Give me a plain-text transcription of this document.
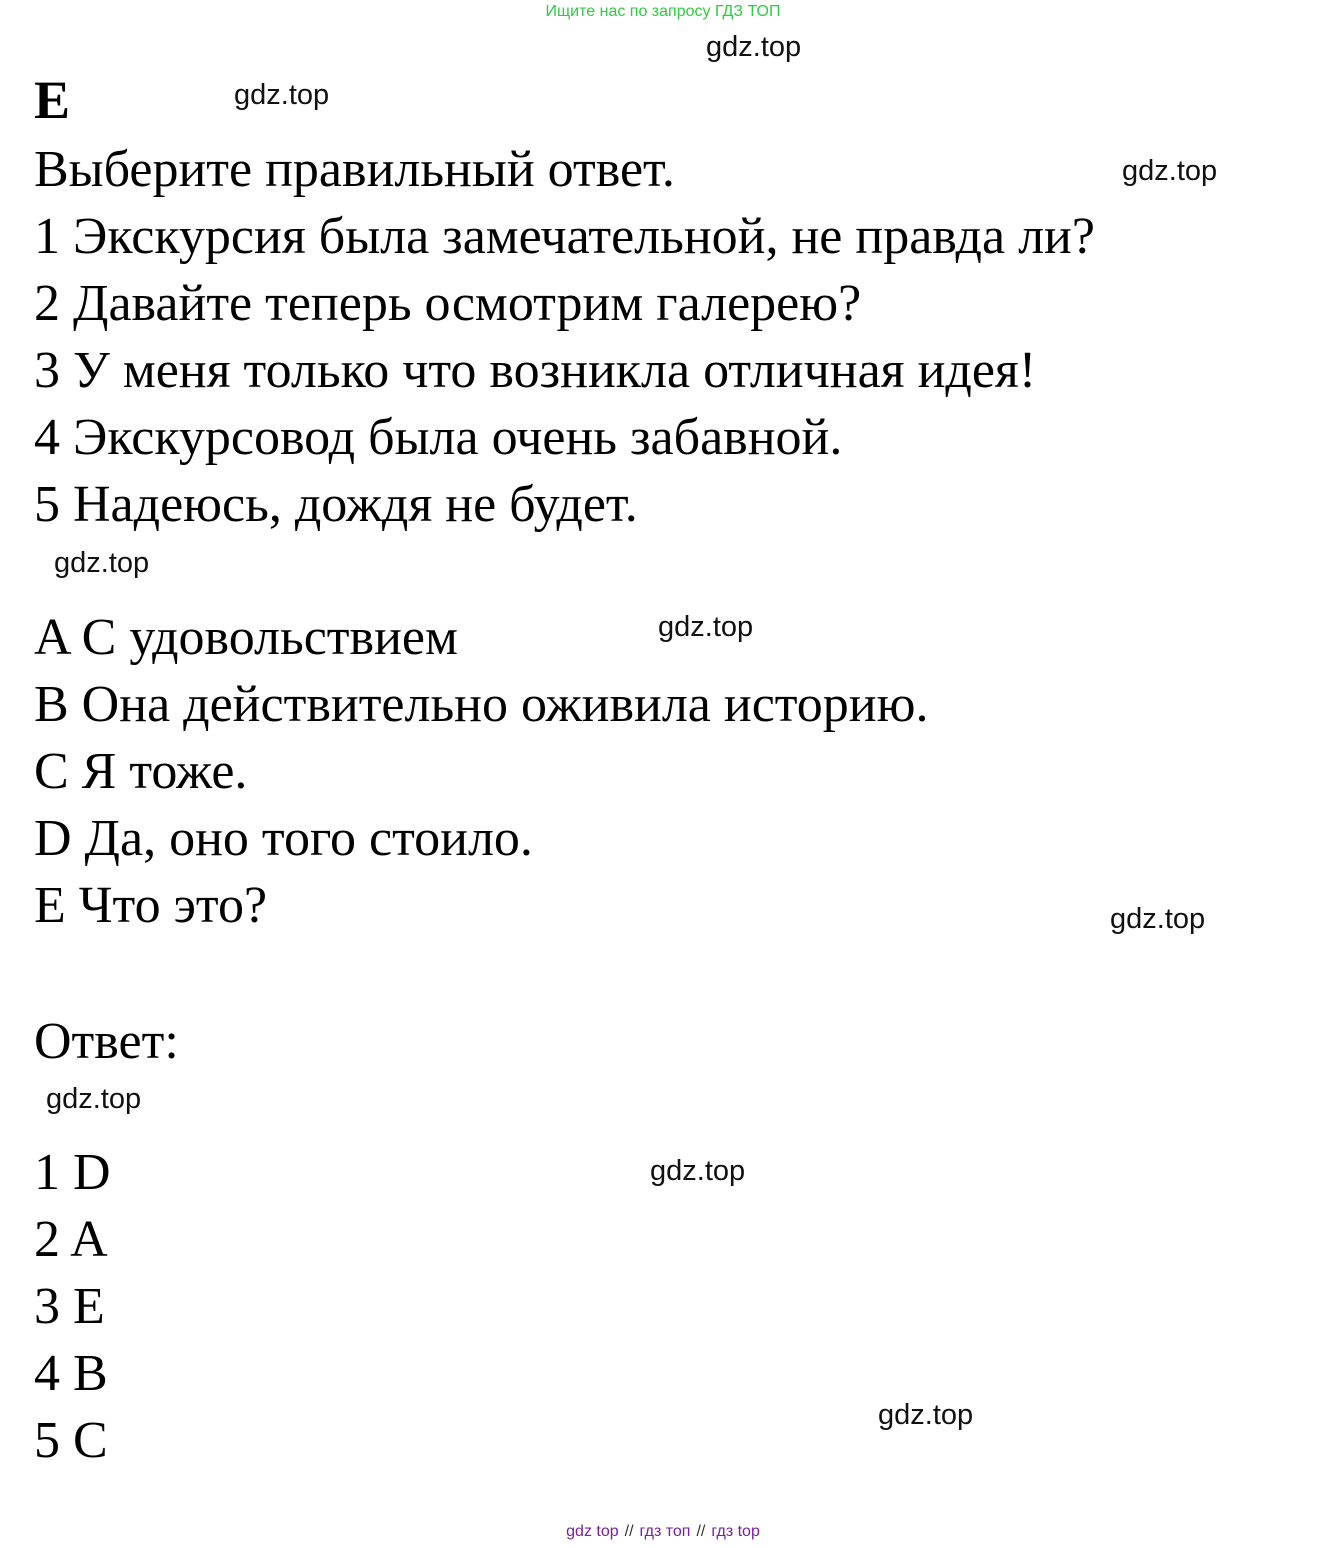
Ищите нас по запросу ГДЗ ТОП
gdz.top
gdz.top
gdz.top
gdz.top
gdz.top
gdz.top
gdz.top
gdz.top
gdz.top
E
Выберите правильный ответ.
1 Экскурсия была замечательной, не правда ли?
2 Давайте теперь осмотрим галерею?
3 У меня только что возникла отличная идея!
4 Экскурсовод была очень забавной.
5 Надеюсь, дождя не будет.
A С удовольствием
B Она действительно оживила историю.
C Я тоже.
D Да, оно того стоило.
E Что это?
Ответ:
1 D
2 A
3 E
4 B
5 C
gdz top // гдз топ // гдз top
